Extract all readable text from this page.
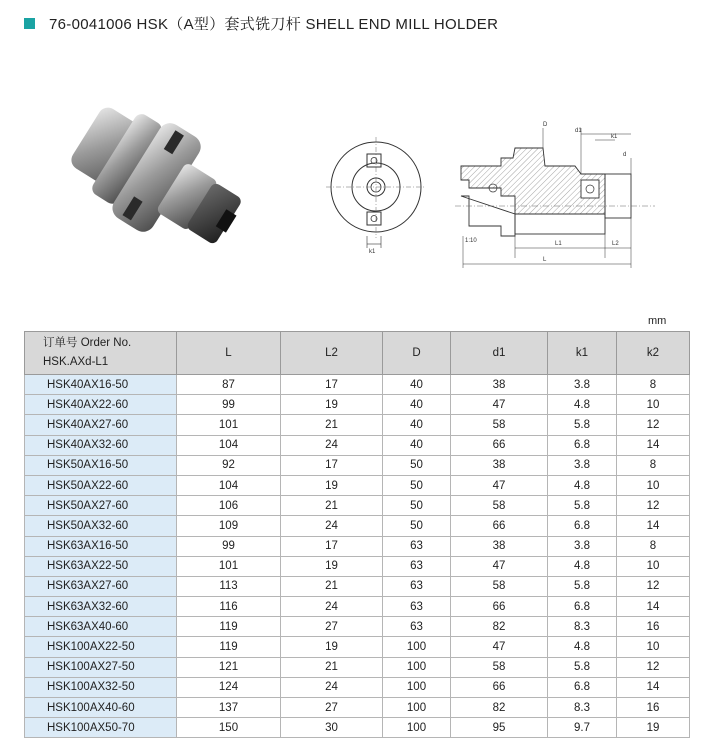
76-0041006 HSK（A型）套式铣刀杆 SHELL END MILL HOLDER
k1
D
d1
k1
d
1:10	L1	L2
L
mm
订单号 Order No.
HSK.AXd-L1	L	L2	D	d1	k1	k2
HSK40AX16-50	87	17	40	38	3.8	8
HSK40AX22-60	99	19	40	47	4.8	10
HSK40AX27-60	101	21	40	58	5.8	12
HSK40AX32-60	104	24	40	66	6.8	14
HSK50AX16-50	92	17	50	38	3.8	8
HSK50AX22-60	104	19	50	47	4.8	10
HSK50AX27-60	106	21	50	58	5.8	12
HSK50AX32-60	109	24	50	66	6.8	14
HSK63AX16-50	99	17	63	38	3.8	8
HSK63AX22-50	101	19	63	47	4.8	10
HSK63AX27-60	113	21	63	58	5.8	12
HSK63AX32-60	116	24	63	66	6.8	14
HSK63AX40-60	119	27	63	82	8.3	16
HSK100AX22-50	119	19	100	47	4.8	10
HSK100AX27-50	121	21	100	58	5.8	12
HSK100AX32-50	124	24	100	66	6.8	14
HSK100AX40-60	137	27	100	82	8.3	16
HSK100AX50-70	150	30	100	95	9.7	19
